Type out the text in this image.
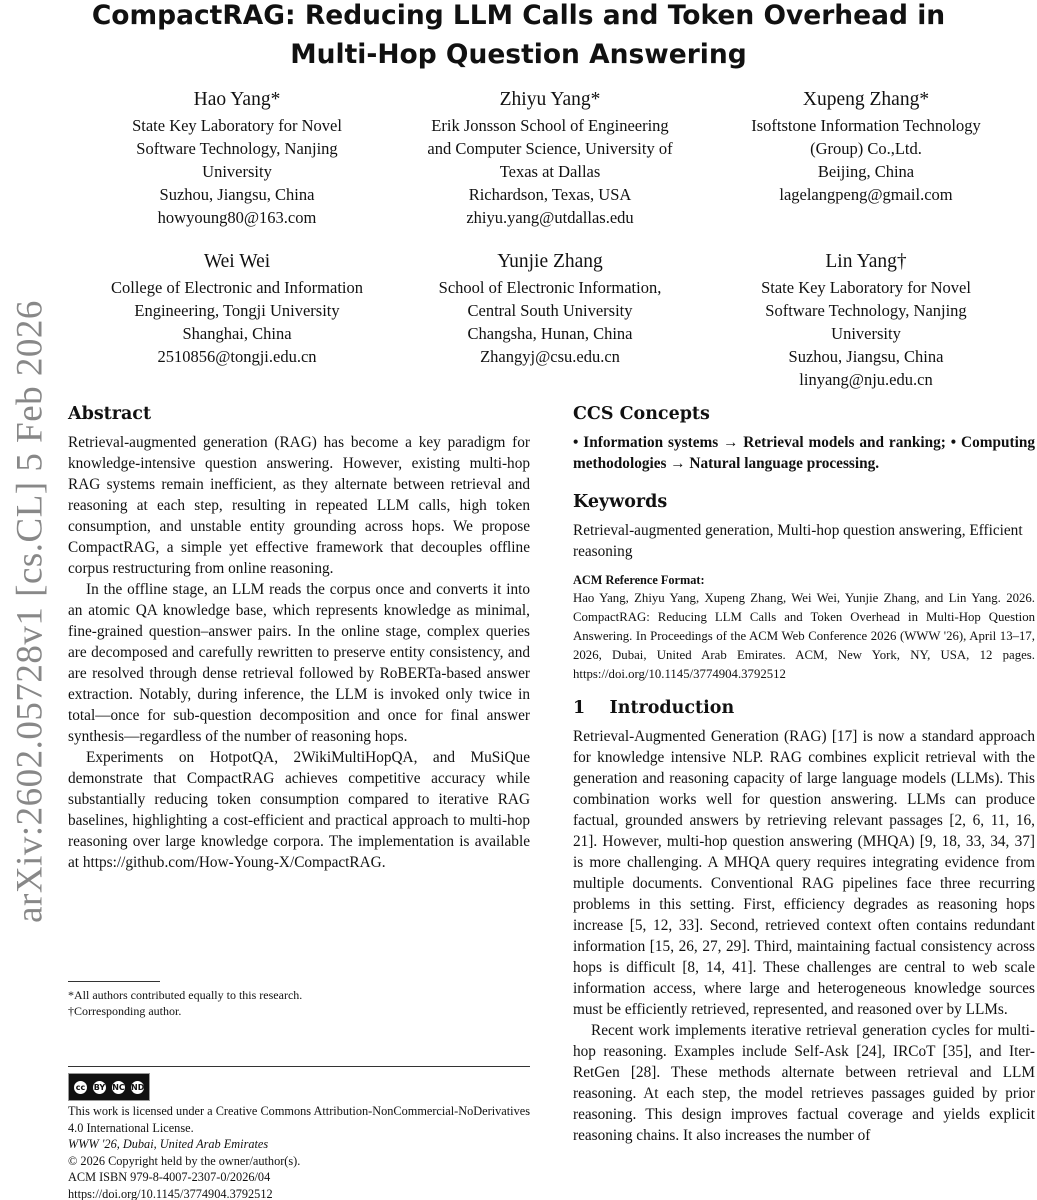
CompactRAG: Reducing LLM Calls and Token Overhead in
Multi-Hop Question Answering
arXiv:2602.05728v1 [cs.CL] 5 Feb 2026
Hao Yang*
State Key Laboratory for Novel
Software Technology, Nanjing
University
Suzhou, Jiangsu, China
howyoung80@163.com
Zhiyu Yang*
Erik Jonsson School of Engineering
and Computer Science, University of
Texas at Dallas
Richardson, Texas, USA
zhiyu.yang@utdallas.edu
Xupeng Zhang*
Isoftstone Information Technology
(Group) Co.,Ltd.
Beijing, China
lagelangpeng@gmail.com
Wei Wei
College of Electronic and Information
Engineering, Tongji University
Shanghai, China
2510856@tongji.edu.cn
Yunjie Zhang
School of Electronic Information,
Central South University
Changsha, Hunan, China
Zhangyj@csu.edu.cn
Lin Yang†
State Key Laboratory for Novel
Software Technology, Nanjing
University
Suzhou, Jiangsu, China
linyang@nju.edu.cn
Abstract

Retrieval-augmented generation (RAG) has become a key paradigm for knowledge-intensive question answering. However, existing multi-hop RAG systems remain inefficient, as they alternate between retrieval and reasoning at each step, resulting in repeated LLM calls, high token consumption, and unstable entity grounding across hops. We propose CompactRAG, a simple yet effective framework that decouples offline corpus restructuring from online reasoning.

In the offline stage, an LLM reads the corpus once and converts it into an atomic QA knowledge base, which represents knowledge as minimal, fine-grained question–answer pairs. In the online stage, complex queries are decomposed and carefully rewritten to preserve entity consistency, and are resolved through dense retrieval followed by RoBERTa-based answer extraction. Notably, during inference, the LLM is invoked only twice in total—once for sub-question decomposition and once for final answer synthesis—regardless of the number of reasoning hops.

Experiments on HotpotQA, 2WikiMultiHopQA, and MuSiQue demonstrate that CompactRAG achieves competitive accuracy while substantially reducing token consumption compared to iterative RAG baselines, highlighting a cost-efficient and practical approach to multi-hop reasoning over large knowledge corpora. The implementation is available at https://github.com/How-Young-X/CompactRAG.

*All authors contributed equally to this research.
†Corresponding author.
cc	BY NC ND
This work is licensed under a Creative Commons Attribution-NonCommercial-NoDerivatives 4.0 International License.
WWW '26, Dubai, United Arab Emirates
© 2026 Copyright held by the owner/author(s).
ACM ISBN 979-8-4007-2307-0/2026/04
https://doi.org/10.1145/3774904.3792512
CCS Concepts

• Information systems → Retrieval models and ranking; • Computing methodologies → Natural language processing.

Keywords

Retrieval-augmented generation, Multi-hop question answering, Efficient reasoning

ACM Reference Format:
Hao Yang, Zhiyu Yang, Xupeng Zhang, Wei Wei, Yunjie Zhang, and Lin Yang. 2026. CompactRAG: Reducing LLM Calls and Token Overhead in Multi-Hop Question Answering. In Proceedings of the ACM Web Conference 2026 (WWW '26), April 13–17, 2026, Dubai, United Arab Emirates. ACM, New York, NY, USA, 12 pages. https://doi.org/10.1145/3774904.3792512
1    Introduction

Retrieval-Augmented Generation (RAG) [17] is now a standard approach for knowledge intensive NLP. RAG combines explicit retrieval with the generation and reasoning capacity of large language models (LLMs). This combination works well for question answering. LLMs can produce factual, grounded answers by retrieving relevant passages [2, 6, 11, 16, 21]. However, multi-hop question answering (MHQA) [9, 18, 33, 34, 37] is more challenging. A MHQA query requires integrating evidence from multiple documents. Conventional RAG pipelines face three recurring problems in this setting. First, efficiency degrades as reasoning hops increase [5, 12, 33]. Second, retrieved context often contains redundant information [15, 26, 27, 29]. Third, maintaining factual consistency across hops is difficult [8, 14, 41]. These challenges are central to web scale information access, where large and heterogeneous knowledge sources must be efficiently retrieved, represented, and reasoned over by LLMs.

Recent work implements iterative retrieval generation cycles for multi-hop reasoning. Examples include Self-Ask [24], IRCoT [35], and Iter-RetGen [28]. These methods alternate between retrieval and LLM reasoning. At each step, the model retrieves passages guided by prior reasoning. This design improves factual coverage and yields explicit reasoning chains. It also increases the number of
